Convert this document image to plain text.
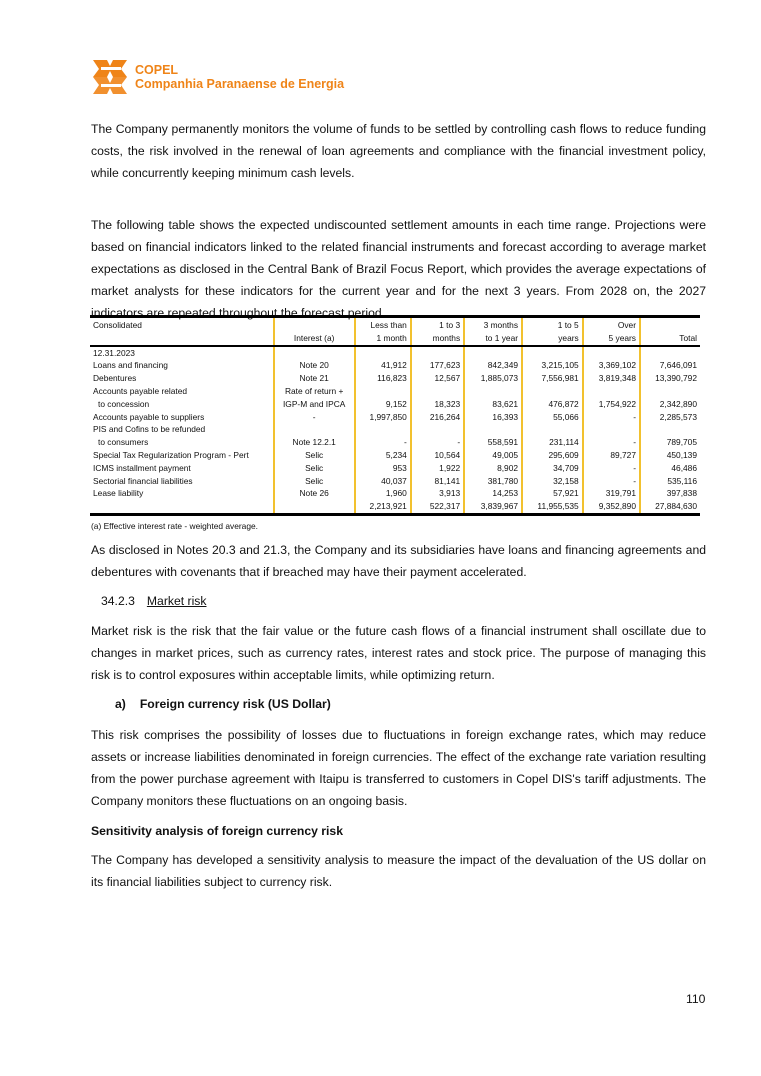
COPEL
Companhia Paranaense de Energia
The Company permanently monitors the volume of funds to be settled by controlling cash flows to reduce funding costs, the risk involved in the renewal of loan agreements and compliance with the financial investment policy, while concurrently keeping minimum cash levels.
The following table shows the expected undiscounted settlement amounts in each time range. Projections were based on financial indicators linked to the related financial instruments and forecast according to average market expectations as disclosed in the Central Bank of Brazil Focus Report, which provides the average expectations of market analysts for these indicators for the current year and for the next 3 years. From 2028 on, the 2027 indicators are repeated throughout the forecast period.
Consolidated		Less than	1 to 3	3 months	1 to 5	Over	
	Interest (a)	1 month	months	to 1 year	years	5 years	Total
12.31.2023							
Loans and financing	Note 20	41,912	177,623	842,349	3,215,105	3,369,102	7,646,091
Debentures	Note 21	116,823	12,567	1,885,073	7,556,981	3,819,348	13,390,792
Accounts payable related	Rate of return +						
to concession	IGP-M and IPCA	9,152	18,323	83,621	476,872	1,754,922	2,342,890
Accounts payable to suppliers	-	1,997,850	216,264	16,393	55,066	-	2,285,573
PIS and Cofins to be refunded							
to consumers	Note 12.2.1	-	-	558,591	231,114	-	789,705
Special Tax Regularization Program - Pert	Selic	5,234	10,564	49,005	295,609	89,727	450,139
ICMS installment payment	Selic	953	1,922	8,902	34,709	-	46,486
Sectorial financial liabilities	Selic	40,037	81,141	381,780	32,158	-	535,116
Lease liability	Note 26	1,960	3,913	14,253	57,921	319,791	397,838
		2,213,921	522,317	3,839,967	11,955,535	9,352,890	27,884,630
(a) Effective interest rate - weighted average.
As disclosed in Notes 20.3 and 21.3, the Company and its subsidiaries have loans and financing agreements and debentures with covenants that if breached may have their payment accelerated.
34.2.3 Market risk
Market risk is the risk that the fair value or the future cash flows of a financial instrument shall oscillate due to changes in market prices, such as currency rates, interest rates and stock price. The purpose of managing this risk is to control exposures within acceptable limits, while optimizing return.
a) Foreign currency risk (US Dollar)
This risk comprises the possibility of losses due to fluctuations in foreign exchange rates, which may reduce assets or increase liabilities denominated in foreign currencies. The effect of the exchange rate variation resulting from the power purchase agreement with Itaipu is transferred to customers in Copel DIS's tariff adjustments. The Company monitors these fluctuations on an ongoing basis.
Sensitivity analysis of foreign currency risk
The Company has developed a sensitivity analysis to measure the impact of the devaluation of the US dollar on its financial liabilities subject to currency risk.
110
